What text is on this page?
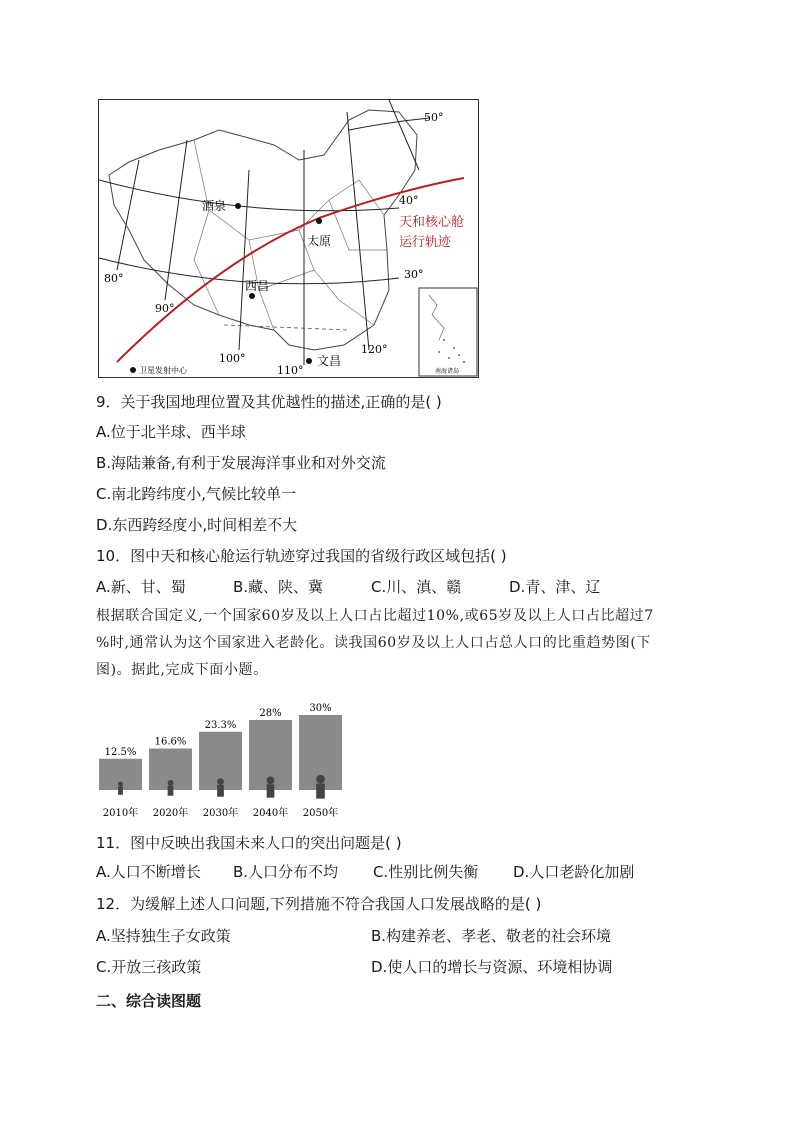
50°
40°
30°
80°
90°
100°
110°
120°
酒泉
太原
西昌
文昌
天和核心舱
运行轨迹
卫星发射中心	南海诸岛
9．关于我国地理位置及其优越性的描述,正确的是( )
A.位于北半球、西半球
B.海陆兼备,有利于发展海洋事业和对外交流
C.南北跨纬度小,气候比较单一
D.东西跨经度小,时间相差不大
10．图中天和核心舱运行轨迹穿过我国的省级行政区域包括( )
A.新、甘、蜀	B.藏、陕、冀	C.川、滇、赣	D.青、津、辽
根据联合国定义,一个国家60岁及以上人口占比超过10%,或65岁及以上人口占比超过7
%时,通常认为这个国家进入老龄化。读我国60岁及以上人口占总人口的比重趋势图(下
图)。据此,完成下面小题。
12.5%
2010年
16.6%
2020年
23.3%
2030年
28%
2040年
30%
2050年
11．图中反映出我国未来人口的突出问题是( )
A.人口不断增长 B.人口分布不均 C.性别比例失衡 D.人口老龄化加剧
12．为缓解上述人口问题,下列措施不符合我国人口发展战略的是( )
A.坚持独生子女政策	B.构建养老、孝老、敬老的社会环境
C.开放三孩政策	D.使人口的增长与资源、环境相协调
二、综合读图题
